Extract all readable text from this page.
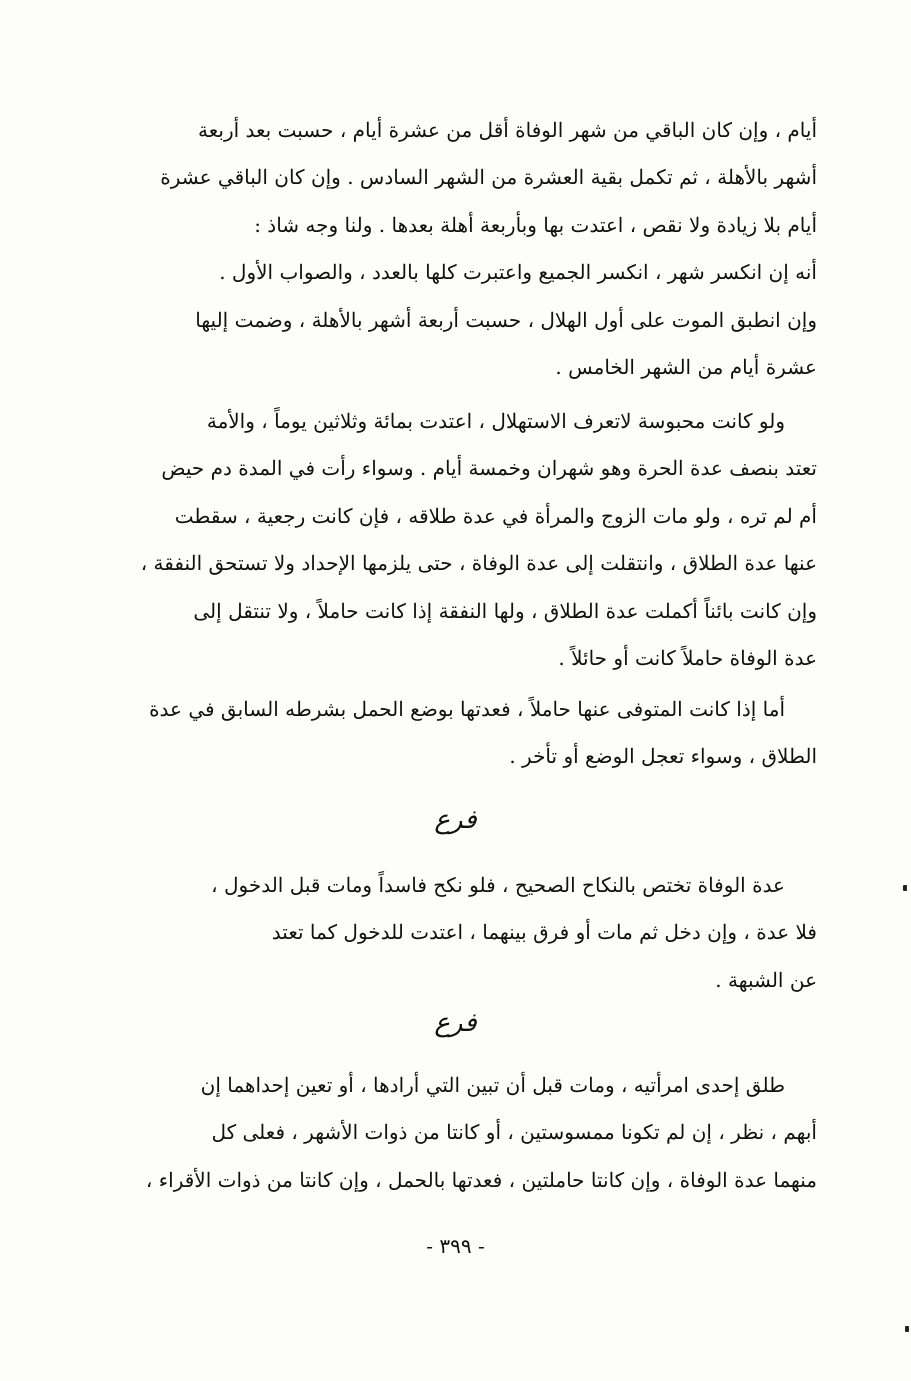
أيام ، وإن كان الباقي من شهر الوفاة أقل من عشرة أيام ، حسبت بعد أربعة
أشهر بالأهلة ، ثم تكمل بقية العشرة من الشهر السادس . وإن كان الباقي عشرة
أيام بلا زيادة ولا نقص ، اعتدت بها وبأربعة أهلة بعدها . ولنا وجه شاذ :
أنه إن انكسر شهر ، انكسر الجميع واعتبرت كلها بالعدد ، والصواب الأول .
وإن انطبق الموت على أول الهلال ، حسبت أربعة أشهر بالأهلة ، وضمت إليها
عشرة أيام من الشهر الخامس .
ولو كانت محبوسة لاتعرف الاستهلال ، اعتدت بمائة وثلاثين يوماً ، والأمة
تعتد بنصف عدة الحرة وهو شهران وخمسة أيام . وسواء رأت في المدة دم حيض
أم لم تره ، ولو مات الزوج والمرأة في عدة طلاقه ، فإن كانت رجعية ، سقطت
عنها عدة الطلاق ، وانتقلت إلى عدة الوفاة ، حتى يلزمها الإحداد ولا تستحق النفقة ،
وإن كانت بائناً أكملت عدة الطلاق ، ولها النفقة إذا كانت حاملاً ، ولا تنتقل إلى
عدة الوفاة حاملاً كانت أو حائلاً .
أما إذا كانت المتوفى عنها حاملاً ، فعدتها بوضع الحمل بشرطه السابق في عدة
الطلاق ، وسواء تعجل الوضع أو تأخر .
فرع
عدة الوفاة تختص بالنكاح الصحيح ، فلو نكح فاسداً ومات قبل الدخول ،
فلا عدة ، وإن دخل ثم مات أو فرق بينهما ، اعتدت للدخول كما تعتد
عن الشبهة .
فرع
طلق إحدى امرأتيه ، ومات قبل أن تبين التي أرادها ، أو تعين إحداهما إن
أبهم ، نظر ، إن لم تكونا ممسوستين ، أو كانتا من ذوات الأشهر ، فعلى كل
منهما عدة الوفاة ، وإن كانتا حاملتين ، فعدتها بالحمل ، وإن كانتا من ذوات الأقراء ،
- ٣٩٩ -
